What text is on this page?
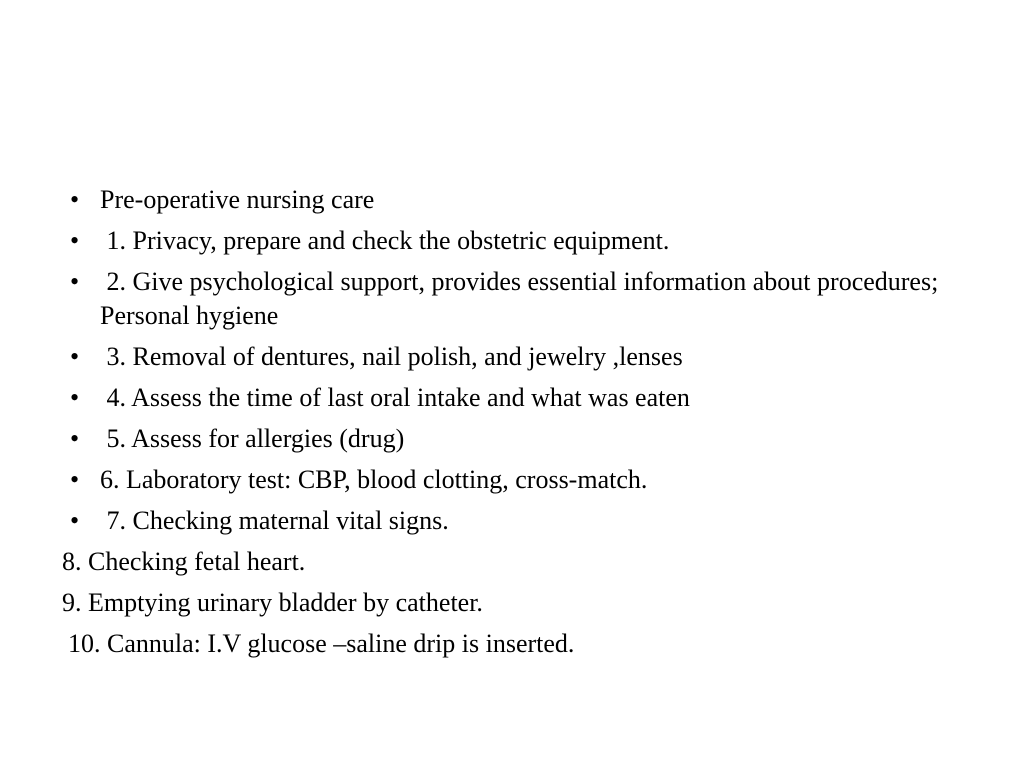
• Pre-operative nursing care
• 1. Privacy, prepare and check the obstetric equipment.
• 2. Give psychological support, provides essential information about procedures; Personal hygiene
• 3. Removal of dentures, nail polish, and jewelry ,lenses
• 4. Assess the time of last oral intake and what was eaten
• 5. Assess for allergies (drug)
• 6. Laboratory test: CBP, blood clotting, cross-match.
• 7. Checking maternal vital signs.
8. Checking fetal heart.
9. Emptying urinary bladder by catheter.
10. Cannula: I.V glucose –saline drip is inserted.
